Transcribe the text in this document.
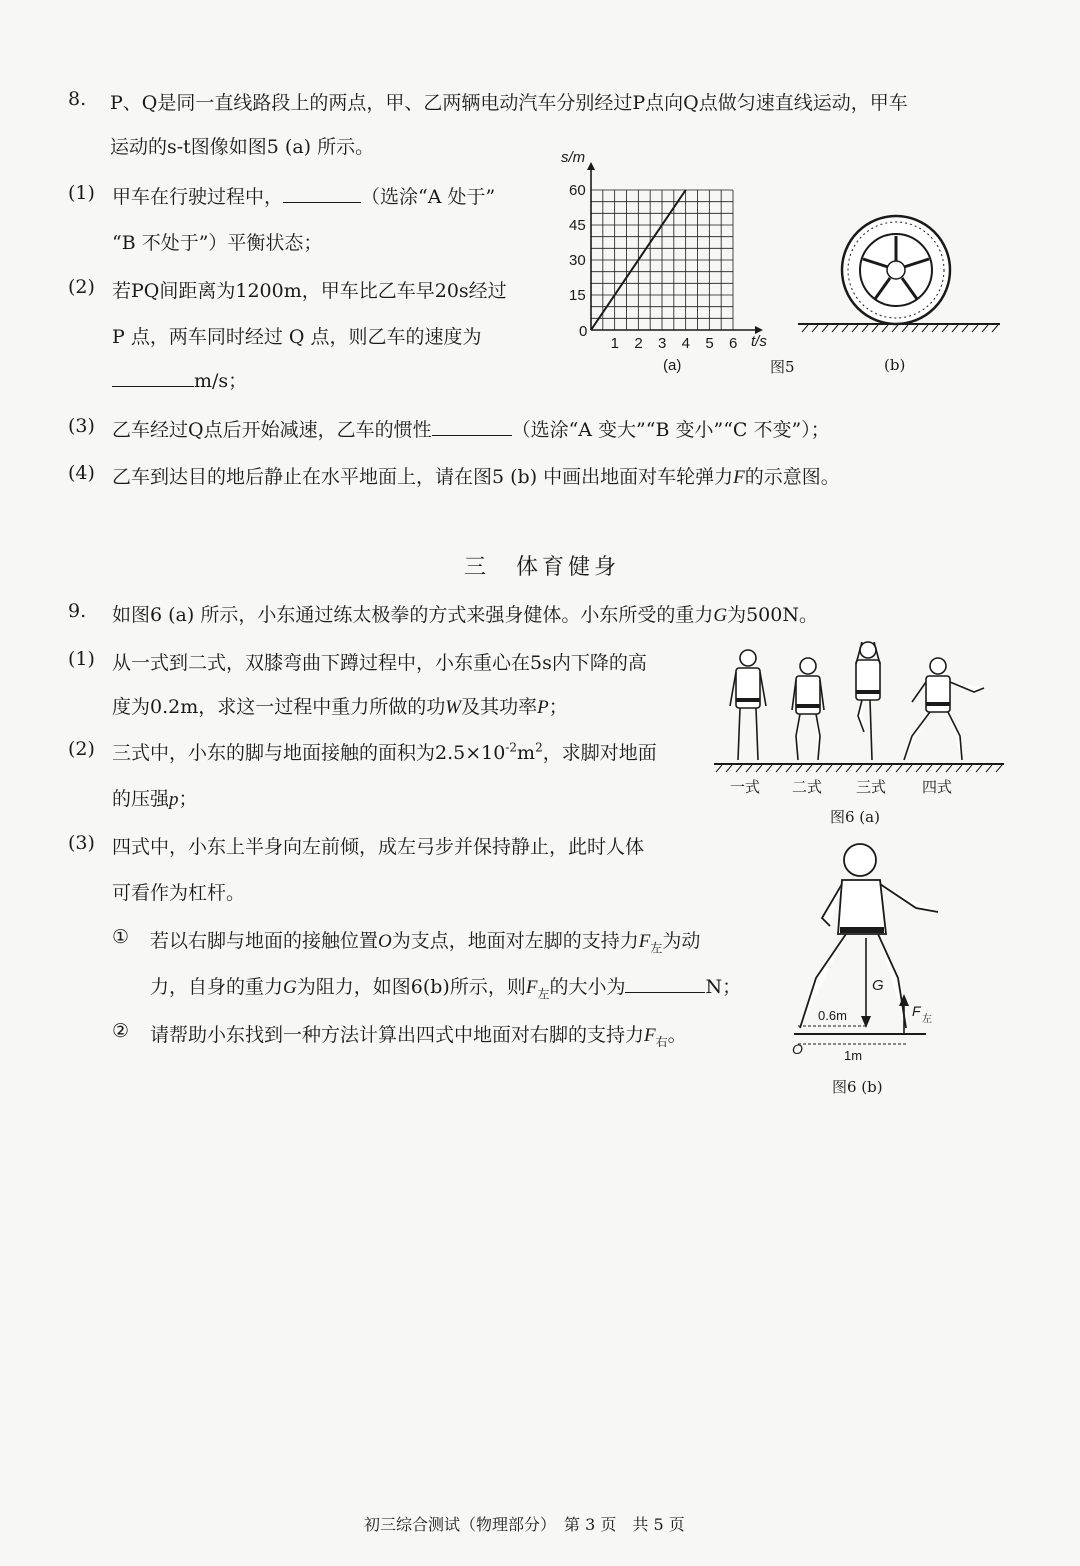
8. P、Q是同一直线路段上的两点，甲、乙两辆电动汽车分别经过P点向Q点做匀速直线运动，甲车
运动的s-t图像如图5 (a) 所示。
(1) 甲车在行驶过程中，	（选涂“A 处于”
“B 不处于”）平衡状态；
(2) 若PQ间距离为1200m，甲车比乙车早20s经过
P 点，两车同时经过 Q 点，则乙车的速度为
m/s；
(3) 乙车经过Q点后开始减速，乙车的惯性	（选涂“A 变大”“B 变小”“C 不变”）；
(4) 乙车到达目的地后静止在水平地面上，请在图5 (b) 中画出地面对车轮弹力F的示意图。
1 2 3 4 5 6
15
30
45
60
s/m
t/s
0
(a)	图5	(b)
三　体育健身
9. 如图6 (a) 所示，小东通过练太极拳的方式来强身健体。小东所受的重力G为500N。
(1) 从一式到二式，双膝弯曲下蹲过程中，小东重心在5s内下降的高
度为0.2m，求这一过程中重力所做的功W及其功率P；
(2) 三式中，小东的脚与地面接触的面积为$2.5\times 10^{-2}m^2$，求脚对地面
的压强p；
(3) 四式中，小东上半身向左前倾，成左弓步并保持静止，此时人体
可看作为杠杆。
① 若以右脚与地面的接触位置O为支点，地面对左脚的支持力$F_左$为动
力，自身的重力G为阻力，如图6(b)所示，则$F_左$的大小为	N；
② 请帮助小东找到一种方法计算出四式中地面对右脚的支持力$F_右$。
一式 二式 三式 四式
图6 (a)
G
F
左
0.6m
1m
O
图6 (b)
初三综合测试（物理部分）　第 3 页　共 5 页
